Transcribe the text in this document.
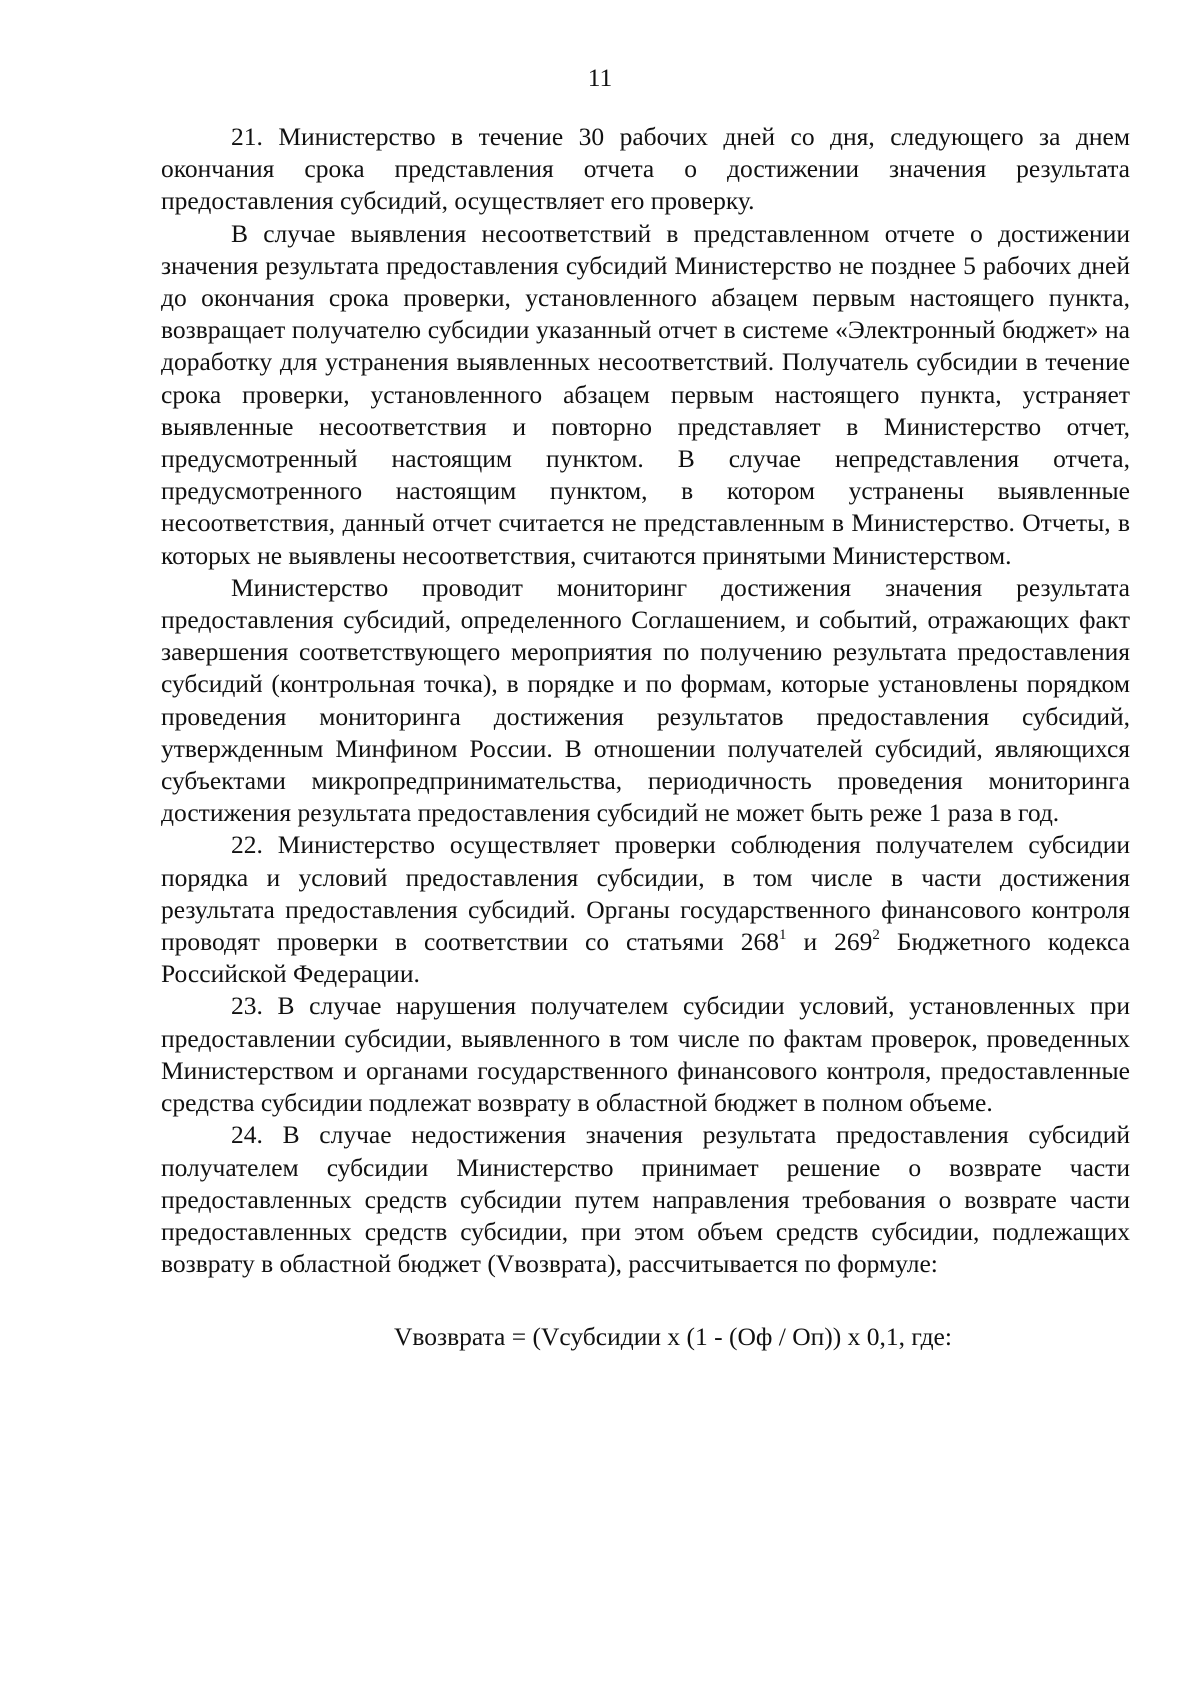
11

21. Министерство в течение 30 рабочих дней со дня, следующего за днем окончания срока представления отчета о достижении значения результата предоставления субсидий, осуществляет его проверку.

В случае выявления несоответствий в представленном отчете о достижении значения результата предоставления субсидий Министерство не позднее 5 рабочих дней до окончания срока проверки, установленного абзацем первым настоящего пункта, возвращает получателю субсидии указанный отчет в системе «Электронный бюджет» на доработку для устранения выявленных несоответствий. Получатель субсидии в течение срока проверки, установленного абзацем первым настоящего пункта, устраняет выявленные несоответствия и повторно представляет в Министерство отчет, предусмотренный настоящим пунктом. В случае непредставления отчета, предусмотренного настоящим пунктом, в котором устранены выявленные несоответствия, данный отчет считается не представленным в Министерство. Отчеты, в которых не выявлены несоответствия, считаются принятыми Министерством.

Министерство проводит мониторинг достижения значения результата предоставления субсидий, определенного Соглашением, и событий, отражающих факт завершения соответствующего мероприятия по получению результата предоставления субсидий (контрольная точка), в порядке и по формам, которые установлены порядком проведения мониторинга достижения результатов предоставления субсидий, утвержденным Минфином России. В отношении получателей субсидий, являющихся субъектами микропредпринимательства, периодичность проведения мониторинга достижения результата предоставления субсидий не может быть реже 1 раза в год.

22. Министерство осуществляет проверки соблюдения получателем субсидии порядка и условий предоставления субсидии, в том числе в части достижения результата предоставления субсидий. Органы государственного финансового контроля проводят проверки в соответствии со статьями $268^1$ и $269^2$ Бюджетного кодекса Российской Федерации.

23. В случае нарушения получателем субсидии условий, установленных при предоставлении субсидии, выявленного в том числе по фактам проверок, проведенных Министерством и органами государственного финансового контроля, предоставленные средства субсидии подлежат возврату в областной бюджет в полном объеме.

24. В случае недостижения значения результата предоставления субсидий получателем субсидии Министерство принимает решение о возврате части предоставленных средств субсидии путем направления требования о возврате части предоставленных средств субсидии, при этом объем средств субсидии, подлежащих возврату в областной бюджет (Vвозврата), рассчитывается по формуле:

Vвозврата = (Vсубсидии x (1 - (Оф / Оп)) x 0,1, где:
